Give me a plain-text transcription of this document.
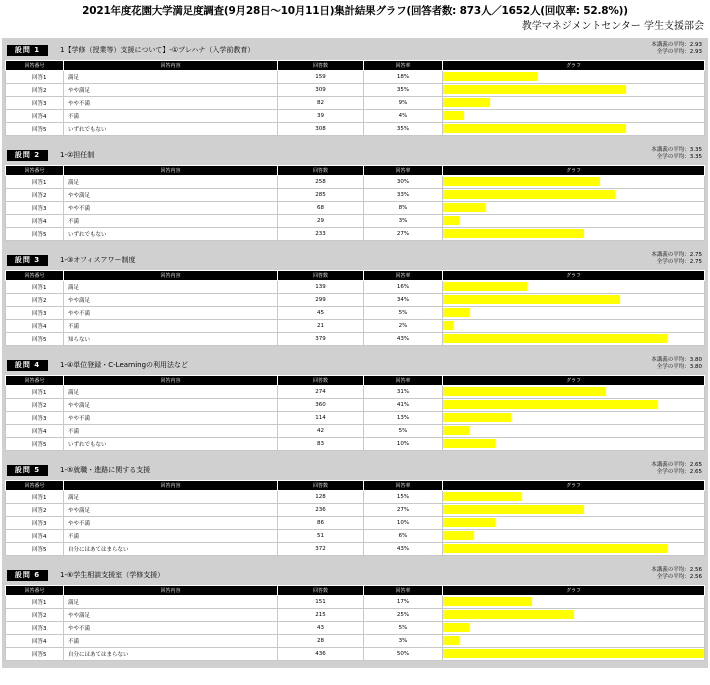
2021年度花園大学満足度調査(9月28日～10月11日)集計結果グラフ(回答者数: 873人／1652人(回収率: 52.8%))
教学マネジメントセンター 学生支援部会
設問 1	1【学修（授業等）支援について】-①プレハナ（入学前教育）
本講義の平均：2.93
全学の平均：2.93
回答番号	回答内容	回答数	回答率	グラフ
回答1	満足	159	18%	

回答2	やや満足	309	35%	

回答3	やや不満	82	9%	

回答4	不満	39	4%	

回答5	いずれでもない	308	35%	
設問 2	1-②担任制
本講義の平均：3.35
全学の平均：3.35
回答番号	回答内容	回答数	回答率	グラフ
回答1	満足	258	30%	

回答2	やや満足	285	33%	

回答3	やや不満	68	8%	

回答4	不満	29	3%	

回答5	いずれでもない	233	27%	
設問 3	1-③オフィスアワー制度
本講義の平均：2.75
全学の平均：2.75
回答番号	回答内容	回答数	回答率	グラフ
回答1	満足	139	16%	

回答2	やや満足	299	34%	

回答3	やや不満	45	5%	

回答4	不満	21	2%	

回答5	知らない	379	43%	
設問 4	1-④単位登録・C-Learningの利用法など
本講義の平均：3.80
全学の平均：3.80
回答番号	回答内容	回答数	回答率	グラフ
回答1	満足	274	31%	

回答2	やや満足	360	41%	

回答3	やや不満	114	13%	

回答4	不満	42	5%	

回答5	いずれでもない	83	10%	
設問 5	1-⑤就職・進路に関する支援
本講義の平均：2.65
全学の平均：2.65
回答番号	回答内容	回答数	回答率	グラフ
回答1	満足	128	15%	

回答2	やや満足	236	27%	

回答3	やや不満	86	10%	

回答4	不満	51	6%	

回答5	自分にはあてはまらない	372	43%	
設問 6	1-⑥学生相談支援室（学修支援）
本講義の平均：2.56
全学の平均：2.56
回答番号	回答内容	回答数	回答率	グラフ
回答1	満足	151	17%	

回答2	やや満足	215	25%	

回答3	やや不満	43	5%	

回答4	不満	28	3%	

回答5	自分にはあてはまらない	436	50%	
